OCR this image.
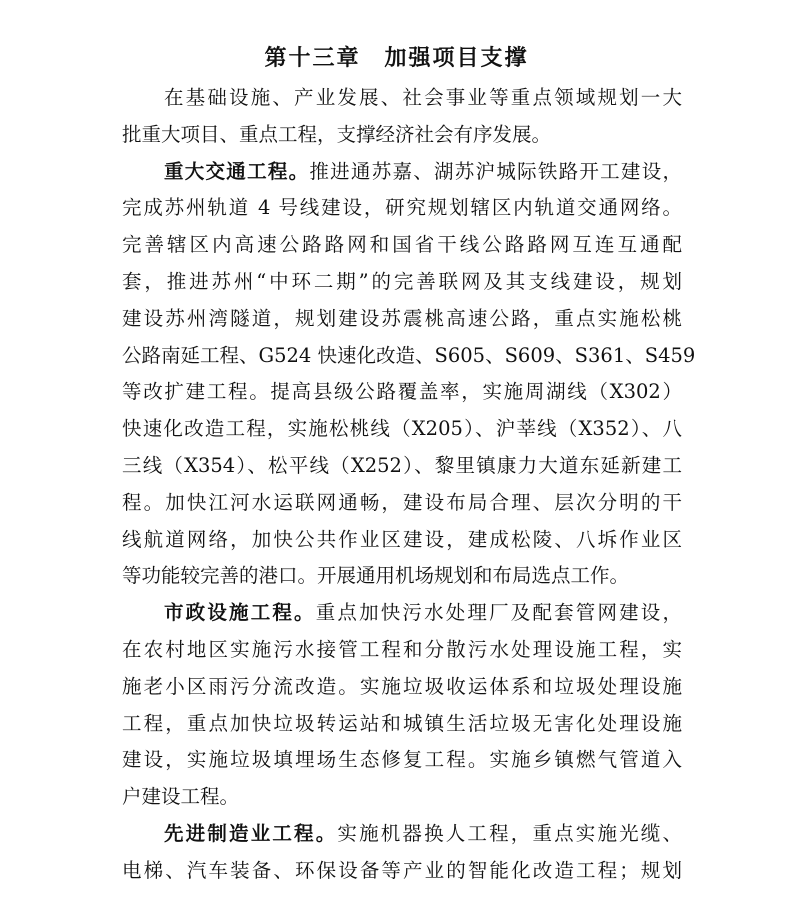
第十三章　加强项目支撑
在基础设施、产业发展、社会事业等重点领域规划一大
批重大项目、重点工程，支撑经济社会有序发展。
重大交通工程。推进通苏嘉、湖苏沪城际铁路开工建设，
完成苏州轨道 4 号线建设，研究规划辖区内轨道交通网络。
完善辖区内高速公路路网和国省干线公路路网互连互通配
套，推进苏州“中环二期”的完善联网及其支线建设，规划
建设苏州湾隧道，规划建设苏震桃高速公路，重点实施松桃
公路南延工程、G524 快速化改造、S605、S609、S361、S459
等改扩建工程。提高县级公路覆盖率，实施周湖线（X302）
快速化改造工程，实施松桃线（X205）、沪莘线（X352）、八
三线（X354）、松平线（X252）、黎里镇康力大道东延新建工
程。加快江河水运联网通畅，建设布局合理、层次分明的干
线航道网络，加快公共作业区建设，建成松陵、八坼作业区
等功能较完善的港口。开展通用机场规划和布局选点工作。
市政设施工程。重点加快污水处理厂及配套管网建设，
在农村地区实施污水接管工程和分散污水处理设施工程，实
施老小区雨污分流改造。实施垃圾收运体系和垃圾处理设施
工程，重点加快垃圾转运站和城镇生活垃圾无害化处理设施
建设，实施垃圾填埋场生态修复工程。实施乡镇燃气管道入
户建设工程。
先进制造业工程。实施机器换人工程，重点实施光缆、
电梯、汽车装备、环保设备等产业的智能化改造工程；规划
